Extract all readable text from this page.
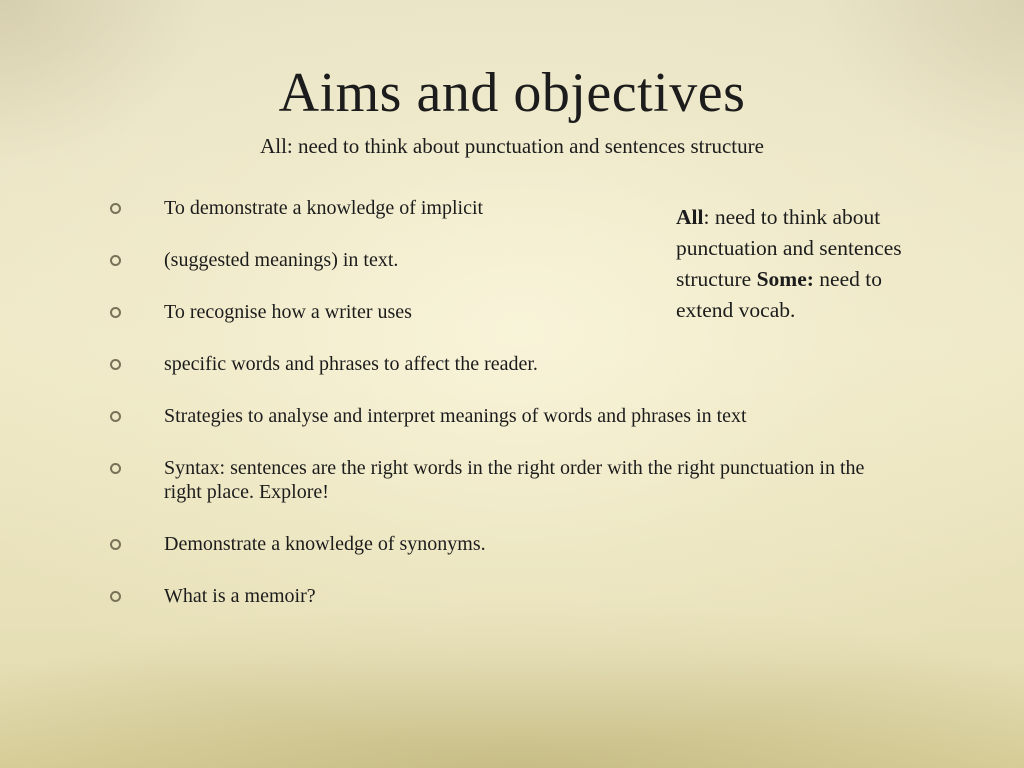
Aims and objectives
All: need to think about punctuation and sentences structure
To demonstrate a knowledge of implicit
(suggested meanings) in text.
To recognise how a writer uses
specific words and phrases to affect the reader.
Strategies to analyse and interpret meanings of words and phrases in text
Syntax: sentences are the right words in the right order with the right punctuation in the right place. Explore!
Demonstrate a knowledge of synonyms.
What is a memoir?

All: need to think about punctuation and sentences structure Some: need to extend vocab.
